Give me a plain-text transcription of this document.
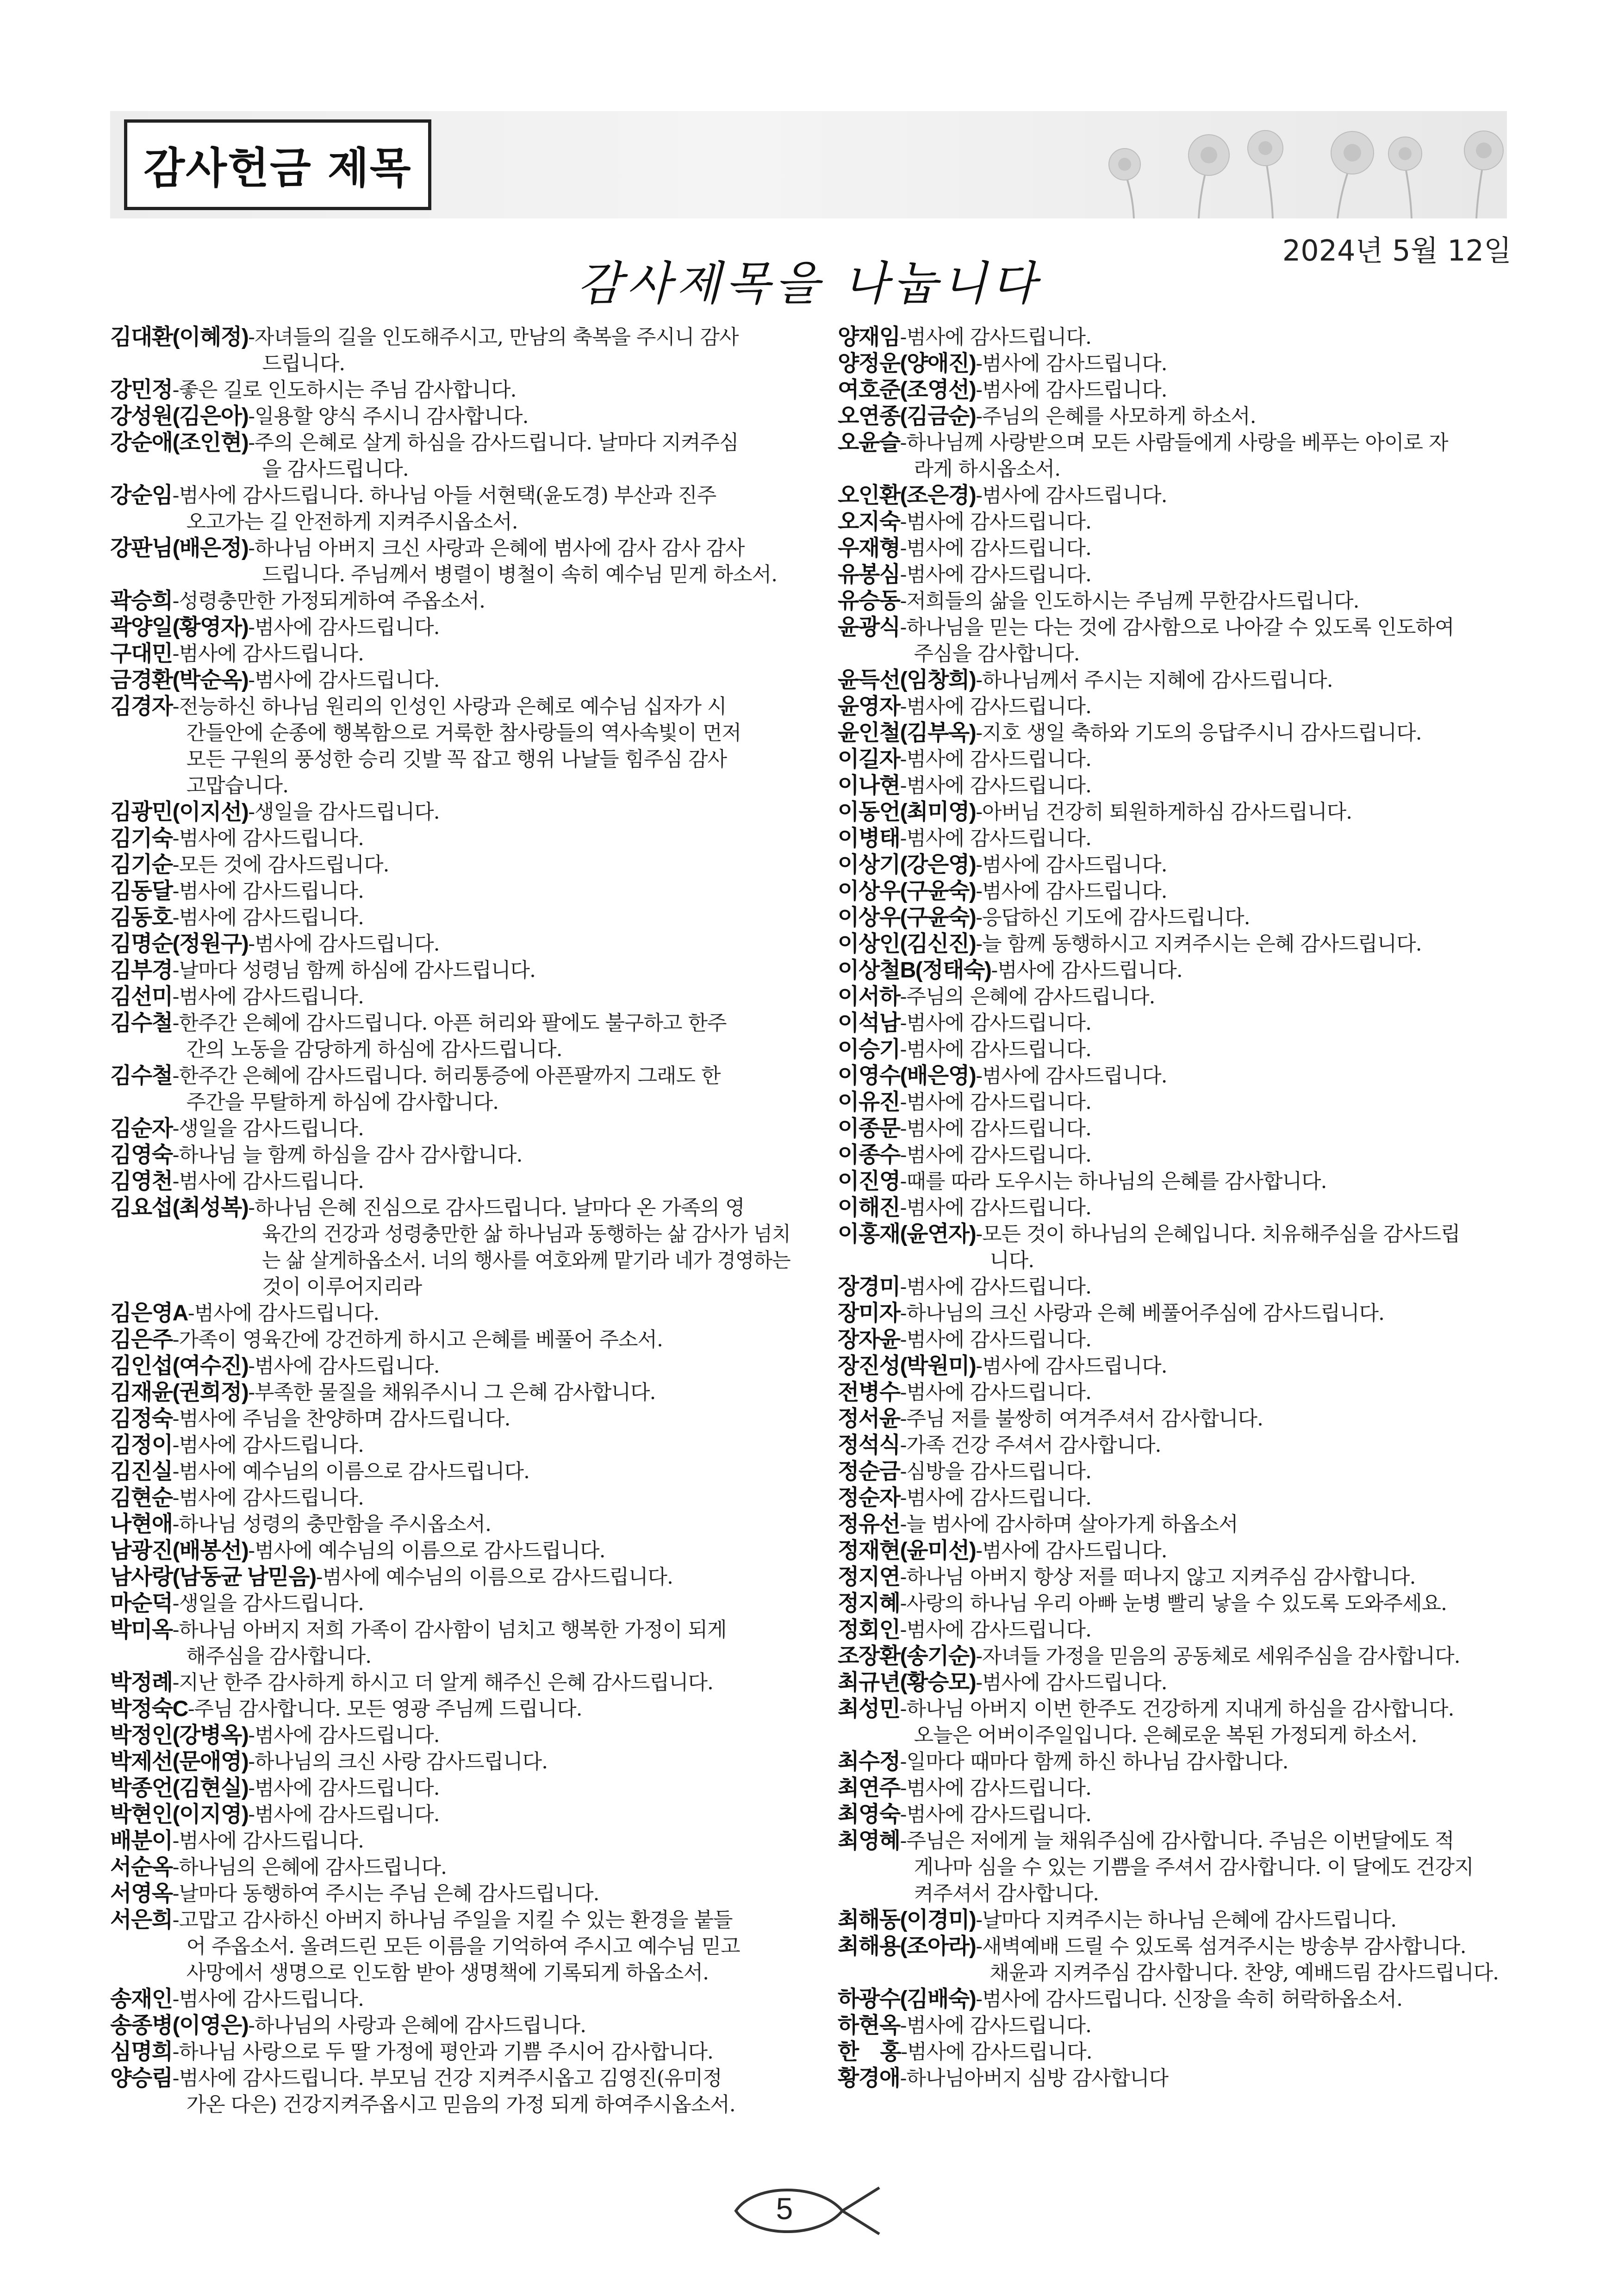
감사헌금 제목
2024년 5월 12일
감사제목을 나눕니다
김대환(이혜정) -자녀들의 길을 인도해주시고, 만남의 축복을 주시니 감사
드립니다.
강민정 -좋은 길로 인도하시는 주님 감사합니다.
강성원(김은아) -일용할 양식 주시니 감사합니다.
강순애(조인현) -주의 은혜로 살게 하심을 감사드립니다. 날마다 지켜주심
을 감사드립니다.
강순임 -범사에 감사드립니다. 하나님 아들 서현택(윤도경) 부산과 진주
오고가는 길 안전하게 지켜주시옵소서.
강판님(배은정) -하나님 아버지 크신 사랑과 은혜에 범사에 감사 감사 감사
드립니다. 주님께서 병렬이 병철이 속히 예수님 믿게 하소서.
곽승희 -성령충만한 가정되게하여 주옵소서.
곽양일(황영자) -범사에 감사드립니다.
구대민 -범사에 감사드립니다.
금경환(박순옥) -범사에 감사드립니다.
김경자 -전능하신 하나님 원리의 인성인 사랑과 은혜로 예수님 십자가 시
간들안에 순종에 행복함으로 거룩한 참사랑들의 역사속빛이 먼저
모든 구원의 풍성한 승리 깃발 꼭 잡고 행위 나날들 힘주심 감사
고맙습니다.
김광민(이지선) -생일을 감사드립니다.
김기숙 -범사에 감사드립니다.
김기순 -모든 것에 감사드립니다.
김동달 -범사에 감사드립니다.
김동호 -범사에 감사드립니다.
김명순(정원구) -범사에 감사드립니다.
김부경 -날마다 성령님 함께 하심에 감사드립니다.
김선미 -범사에 감사드립니다.
김수철 -한주간 은혜에 감사드립니다. 아픈 허리와 팔에도 불구하고 한주
간의 노동을 감당하게 하심에 감사드립니다.
김수철 -한주간 은혜에 감사드립니다. 허리통증에 아픈팔까지 그래도 한
주간을 무탈하게 하심에 감사합니다.
김순자 -생일을 감사드립니다.
김영숙 -하나님 늘 함께 하심을 감사 감사합니다.
김영천 -범사에 감사드립니다.
김요섭(최성복) -하나님 은혜 진심으로 감사드립니다. 날마다 온 가족의 영
육간의 건강과 성령충만한 삶 하나님과 동행하는 삶 감사가 넘치
는 삶 살게하옵소서. 너의 행사를 여호와께 맡기라 네가 경영하는
것이 이루어지리라
김은영A -범사에 감사드립니다.
김은주 -가족이 영육간에 강건하게 하시고 은혜를 베풀어 주소서.
김인섭(여수진) -범사에 감사드립니다.
김재윤(권희정) -부족한 물질을 채워주시니 그 은혜 감사합니다.
김정숙 -범사에 주님을 찬양하며 감사드립니다.
김정이 -범사에 감사드립니다.
김진실 -범사에 예수님의 이름으로 감사드립니다.
김현순 -범사에 감사드립니다.
나현애 -하나님 성령의 충만함을 주시옵소서.
남광진(배봉선) -범사에 예수님의 이름으로 감사드립니다.
남사랑(남동균 남믿음) -범사에 예수님의 이름으로 감사드립니다.
마순덕 -생일을 감사드립니다.
박미옥 -하나님 아버지 저희 가족이 감사함이 넘치고 행복한 가정이 되게
해주심을 감사합니다.
박정례 -지난 한주 감사하게 하시고 더 알게 해주신 은혜 감사드립니다.
박정숙C -주님 감사합니다. 모든 영광 주님께 드립니다.
박정인(강병옥) -범사에 감사드립니다.
박제선(문애영) -하나님의 크신 사랑 감사드립니다.
박종언(김현실) -범사에 감사드립니다.
박현인(이지영) -범사에 감사드립니다.
배분이 -범사에 감사드립니다.
서순옥 -하나님의 은혜에 감사드립니다.
서영옥 -날마다 동행하여 주시는 주님 은혜 감사드립니다.
서은희 -고맙고 감사하신 아버지 하나님 주일을 지킬 수 있는 환경을 붙들
어 주옵소서. 올려드린 모든 이름을 기억하여 주시고 예수님 믿고
사망에서 생명으로 인도함 받아 생명책에 기록되게 하옵소서.
송재인 -범사에 감사드립니다.
송종병(이영은) -하나님의 사랑과 은혜에 감사드립니다.
심명희 -하나님 사랑으로 두 딸 가정에 평안과 기쁨 주시어 감사합니다.
양승림 -범사에 감사드립니다. 부모님 건강 지켜주시옵고 김영진(유미정
가온 다은) 건강지켜주옵시고 믿음의 가정 되게 하여주시옵소서.
양재임 -범사에 감사드립니다.
양정운(양애진) -범사에 감사드립니다.
여호준(조영선) -범사에 감사드립니다.
오연종(김금순) -주님의 은혜를 사모하게 하소서.
오윤슬 -하나님께 사랑받으며 모든 사람들에게 사랑을 베푸는 아이로 자
라게 하시옵소서.
오인환(조은경) -범사에 감사드립니다.
오지숙 -범사에 감사드립니다.
우재형 -범사에 감사드립니다.
유봉심 -범사에 감사드립니다.
유승동 -저희들의 삶을 인도하시는 주님께 무한감사드립니다.
윤광식 -하나님을 믿는 다는 것에 감사함으로 나아갈 수 있도록 인도하여
주심을 감사합니다.
윤득선(임창희) -하나님께서 주시는 지혜에 감사드립니다.
윤영자 -범사에 감사드립니다.
윤인철(김부옥) -지호 생일 축하와 기도의 응답주시니 감사드립니다.
이길자 -범사에 감사드립니다.
이나현 -범사에 감사드립니다.
이동언(최미영) -아버님 건강히 퇴원하게하심 감사드립니다.
이병태 -범사에 감사드립니다.
이상기(강은영) -범사에 감사드립니다.
이상우(구윤숙) -범사에 감사드립니다.
이상우(구윤숙) -응답하신 기도에 감사드립니다.
이상인(김신진) -늘 함께 동행하시고 지켜주시는 은혜 감사드립니다.
이상철B(정태숙) -범사에 감사드립니다.
이서하 -주님의 은혜에 감사드립니다.
이석남 -범사에 감사드립니다.
이승기 -범사에 감사드립니다.
이영수(배은영) -범사에 감사드립니다.
이유진 -범사에 감사드립니다.
이종문 -범사에 감사드립니다.
이종수 -범사에 감사드립니다.
이진영 -때를 따라 도우시는 하나님의 은혜를 감사합니다.
이해진 -범사에 감사드립니다.
이홍재(윤연자) -모든 것이 하나님의 은혜입니다. 치유해주심을 감사드립
니다.
장경미 -범사에 감사드립니다.
장미자 -하나님의 크신 사랑과 은혜 베풀어주심에 감사드립니다.
장자윤 -범사에 감사드립니다.
장진성(박원미) -범사에 감사드립니다.
전병수 -범사에 감사드립니다.
정서윤 -주님 저를 불쌍히 여겨주셔서 감사합니다.
정석식 -가족 건강 주셔서 감사합니다.
정순금 -심방을 감사드립니다.
정순자 -범사에 감사드립니다.
정유선 -늘 범사에 감사하며 살아가게 하옵소서
정재현(윤미선) -범사에 감사드립니다.
정지연 -하나님 아버지 항상 저를 떠나지 않고 지켜주심 감사합니다.
정지혜 -사랑의 하나님 우리 아빠 눈병 빨리 낳을 수 있도록 도와주세요.
정회인 -범사에 감사드립니다.
조장환(송기순) -자녀들 가정을 믿음의 공동체로 세워주심을 감사합니다.
최규년(황승모) -범사에 감사드립니다.
최성민 -하나님 아버지 이번 한주도 건강하게 지내게 하심을 감사합니다.
오늘은 어버이주일입니다. 은혜로운 복된 가정되게 하소서.
최수정 -일마다 때마다 함께 하신 하나님 감사합니다.
최연주 -범사에 감사드립니다.
최영숙 -범사에 감사드립니다.
최영혜 -주님은 저에게 늘 채워주심에 감사합니다. 주님은 이번달에도 적
게나마 심을 수 있는 기쁨을 주셔서 감사합니다. 이 달에도 건강지
켜주셔서 감사합니다.
최해동(이경미) -날마다 지켜주시는 하나님 은혜에 감사드립니다.
최해용(조아라) -새벽예배 드릴 수 있도록 섬겨주시는 방송부 감사합니다.
채윤과 지켜주심 감사합니다. 찬양, 예배드림 감사드립니다.
하광수(김배숙) -범사에 감사드립니다. 신장을 속히 허락하옵소서.
하현옥 -범사에 감사드립니다.
한　홍 -범사에 감사드립니다.
황경애 -하나님아버지 심방 감사합니다
5
